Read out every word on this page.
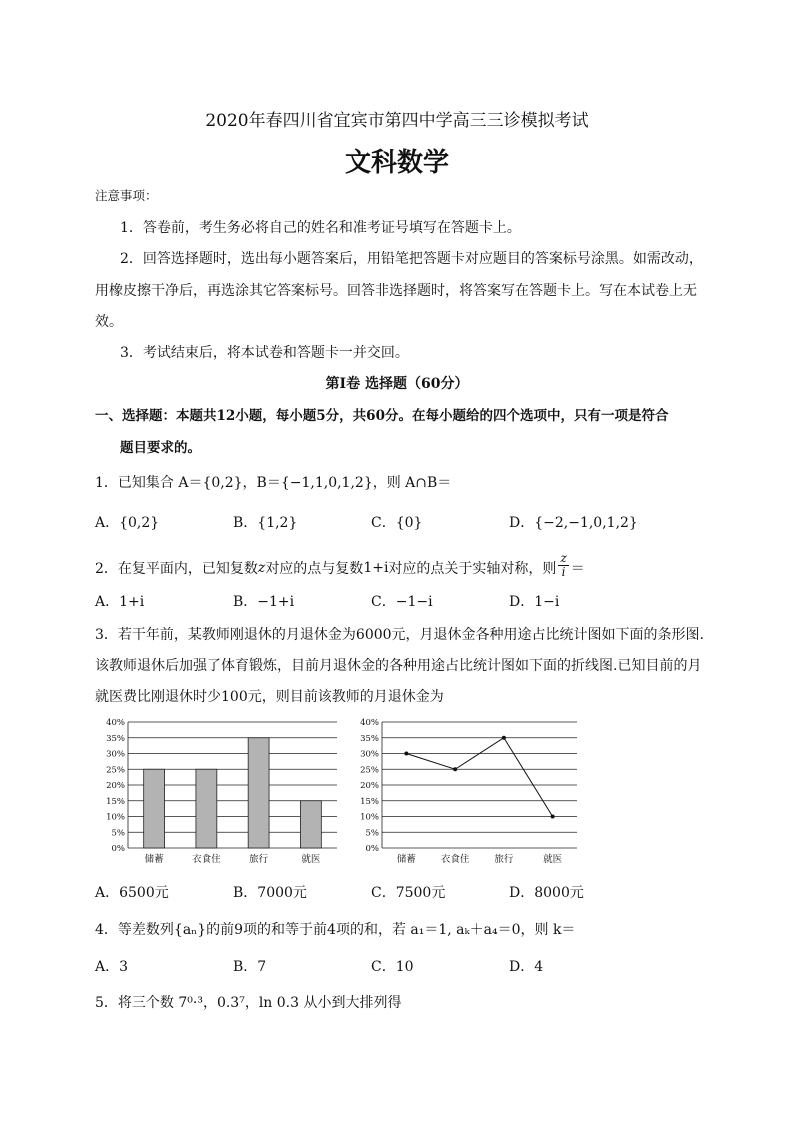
2020年春四川省宜宾市第四中学高三三诊模拟考试
文科数学
注意事项：
1．答卷前，考生务必将自己的姓名和准考证号填写在答题卡上。
2．回答选择题时，选出每小题答案后，用铅笔把答题卡对应题目的答案标号涂黑。如需改动，
用橡皮擦干净后，再选涂其它答案标号。回答非选择题时，将答案写在答题卡上。写在本试卷上无
效。
3．考试结束后，将本试卷和答题卡一并交回。
第Ⅰ卷 选择题（60分）
一、选择题：本题共12小题，每小题5分，共60分。在每小题给的四个选项中，只有一项是符合
题目要求的。
1．已知集合 A＝{0,2}，B＝{−1,1,0,1,2}，则 A∩B＝
A．{0,2}	B．{1,2}	C．{0}	D．{−2,−1,0,1,2}
2． 在复平面内，已知复数 z 对应的点与复数 1+i 对应的点关于实轴对称，则 $\frac{z}{i}$ ＝
A．1+i	B．−1+i	C．−1−i	D．1−i
3．若干年前，某教师刚退休的月退休金为6000元，月退休金各种用途占比统计图如下面的条形图.
该教师退休后加强了体育锻炼，目前月退休金的各种用途占比统计图如下面的折线图.已知目前的月
就医费比刚退休时少100元，则目前该教师的月退休金为
0%
5%
10%
15%
20%
25%
30%
35%
40%
储蓄	衣食住	旅行	就医
0%
5%
10%
15%
20%
25%
30%
35%
40%
储蓄	衣食住	旅行	就医
A．6500元	B．7000元	C．7500元	D．8000元
4．等差数列{aₙ}的前9项的和等于前4项的和，若 a₁＝1, aₖ＋a₄＝0，则 k＝
A．3	B．7	C．10	D．4
5．将三个数 7⁰·³，0.3⁷，ln 0.3 从小到大排列得
